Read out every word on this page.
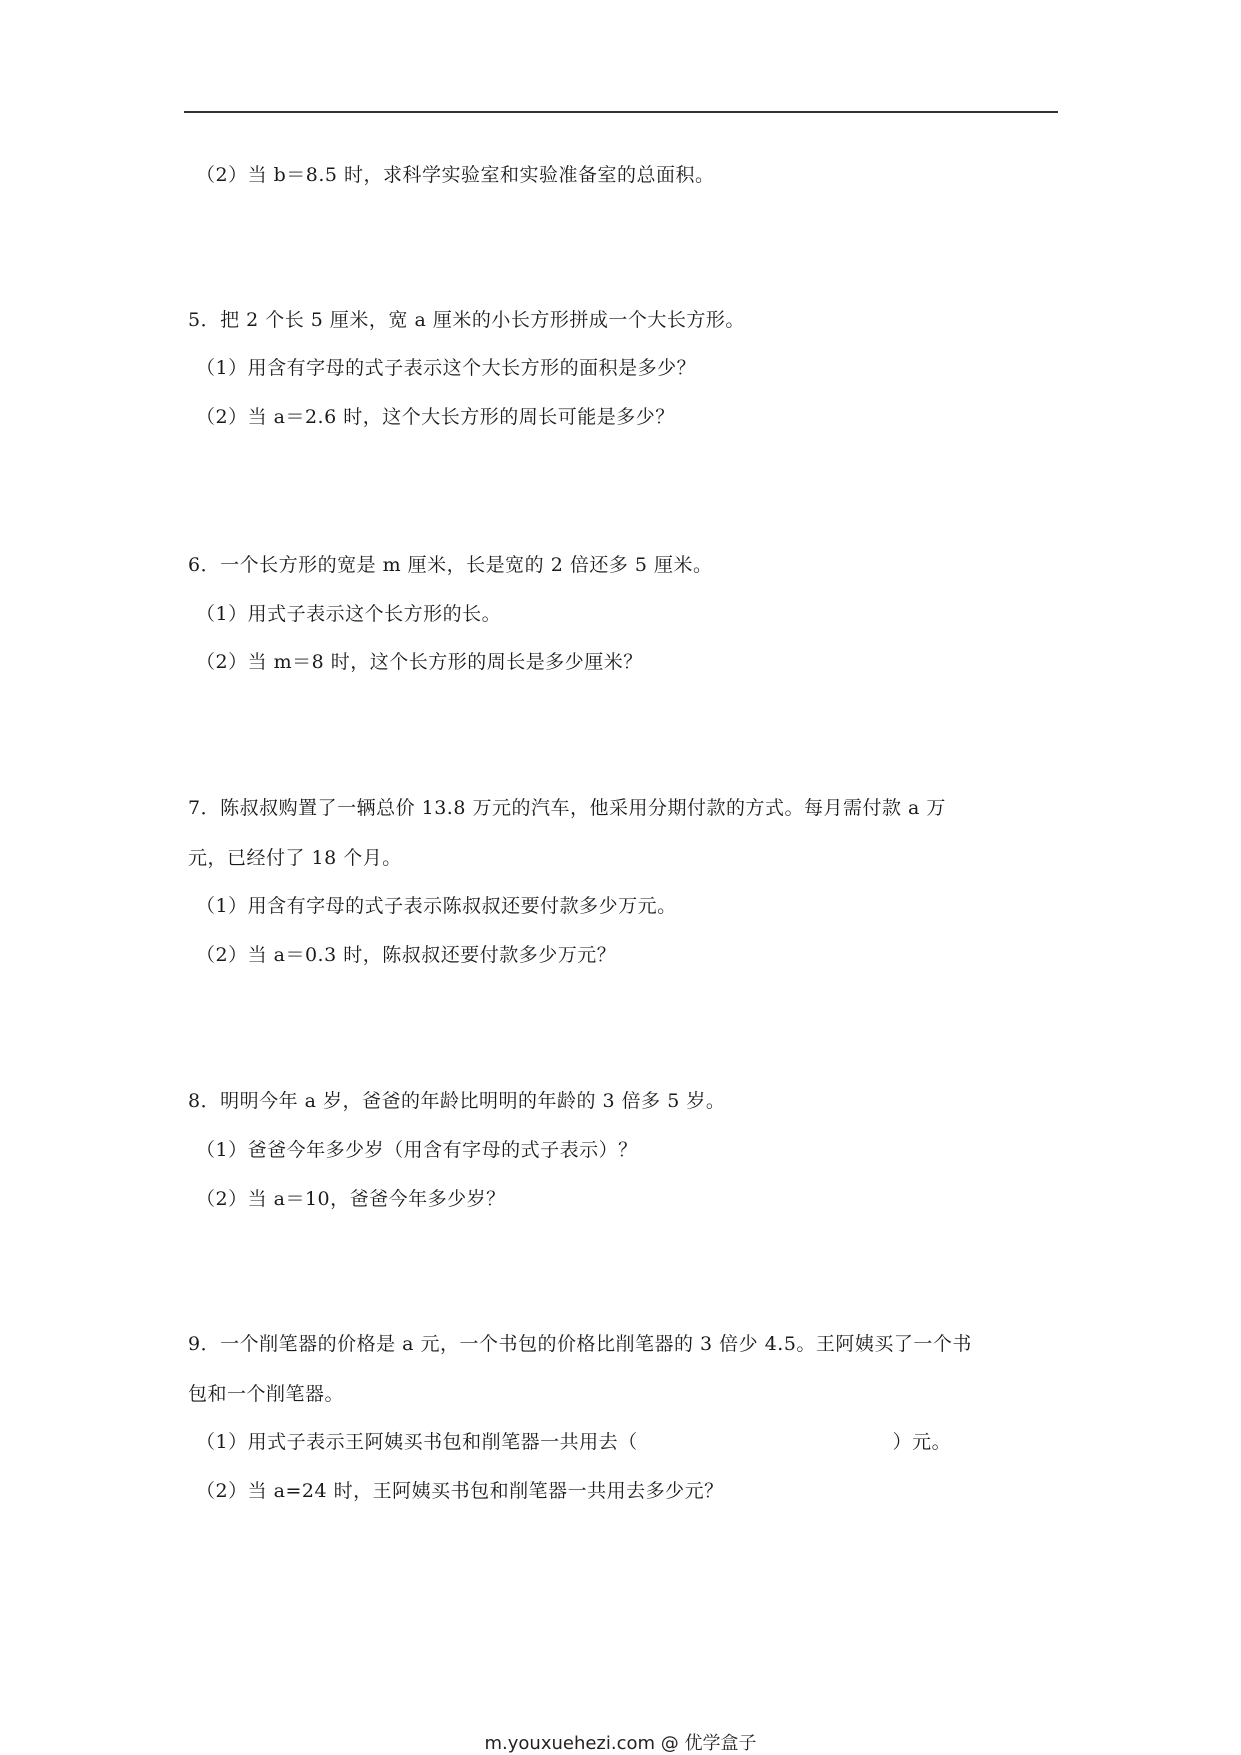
（2）当 b＝8.5 时，求科学实验室和实验准备室的总面积。
5．把 2 个长 5 厘米，宽 a 厘米的小长方形拼成一个大长方形。
（1）用含有字母的式子表示这个大长方形的面积是多少？
（2）当 a＝2.6 时，这个大长方形的周长可能是多少？
6．一个长方形的宽是 m 厘米，长是宽的 2 倍还多 5 厘米。
（1）用式子表示这个长方形的长。
（2）当 m＝8 时，这个长方形的周长是多少厘米？
7．陈叔叔购置了一辆总价 13.8 万元的汽车，他采用分期付款的方式。每月需付款 a 万
元，已经付了 18 个月。
（1）用含有字母的式子表示陈叔叔还要付款多少万元。
（2）当 a＝0.3 时，陈叔叔还要付款多少万元？
8．明明今年 a 岁，爸爸的年龄比明明的年龄的 3 倍多 5 岁。
（1）爸爸今年多少岁（用含有字母的式子表示）？
（2）当 a＝10，爸爸今年多少岁？
9．一个削笔器的价格是 a 元，一个书包的价格比削笔器的 3 倍少 4.5。王阿姨买了一个书
包和一个削笔器。
（1）用式子表示王阿姨买书包和削笔器一共用去（	）元。
（2）当 a=24 时，王阿姨买书包和削笔器一共用去多少元？
m.youxuehezi.com @ 优学盒子
